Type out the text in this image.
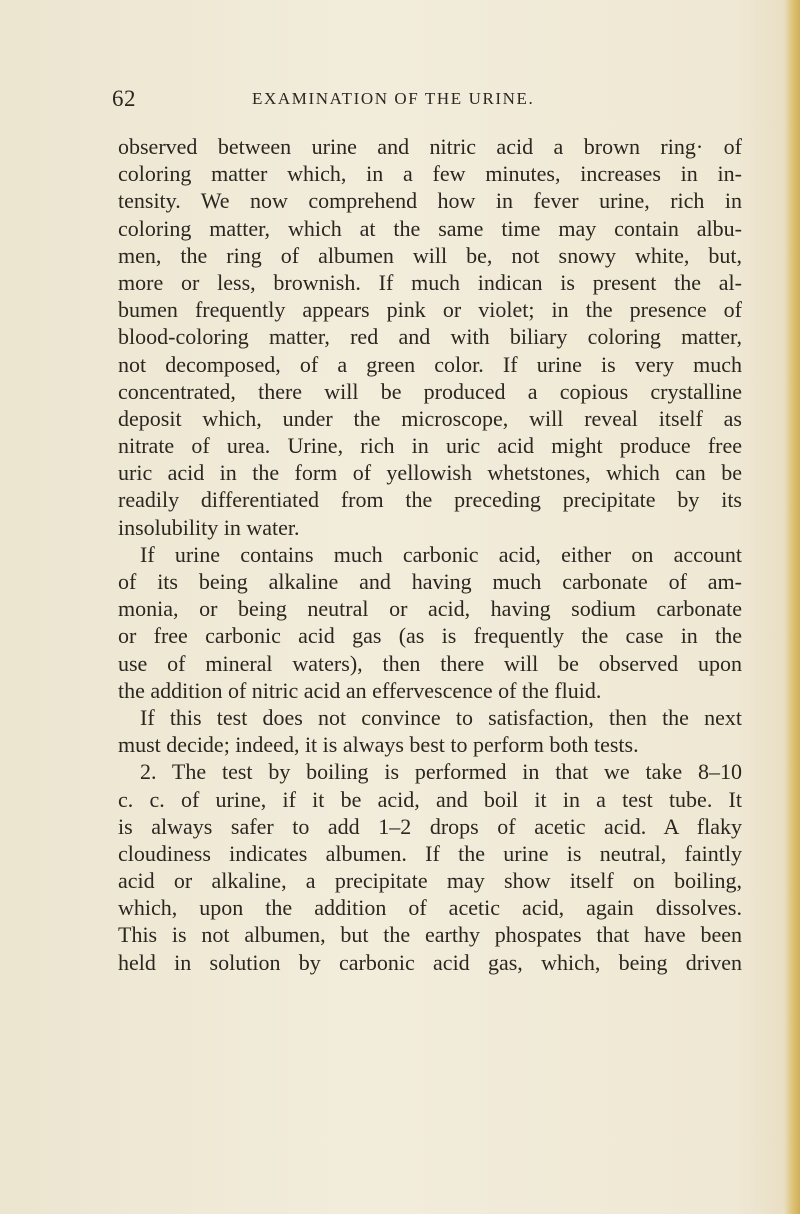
62	EXAMINATION OF THE URINE.
observed between urine and nitric acid a brown ring· of
coloring matter which, in a few minutes, increases in in-
tensity. We now comprehend how in fever urine, rich in
coloring matter, which at the same time may contain albu-
men, the ring of albumen will be, not snowy white, but,
more or less, brownish. If much indican is present the al-
bumen frequently appears pink or violet; in the presence of
blood-coloring matter, red and with biliary coloring matter,
not decomposed, of a green color. If urine is very much
concentrated, there will be produced a copious crystalline
deposit which, under the microscope, will reveal itself as
nitrate of urea. Urine, rich in uric acid might produce free
uric acid in the form of yellowish whetstones, which can be
readily differentiated from the preceding precipitate by its
insolubility in water.
If urine contains much carbonic acid, either on account
of its being alkaline and having much carbonate of am-
monia, or being neutral or acid, having sodium carbonate
or free carbonic acid gas (as is frequently the case in the
use of mineral waters), then there will be observed upon
the addition of nitric acid an effervescence of the fluid.
If this test does not convince to satisfaction, then the next
must decide; indeed, it is always best to perform both tests.
2. The test by boiling is performed in that we take 8–10
c. c. of urine, if it be acid, and boil it in a test tube. It
is always safer to add 1–2 drops of acetic acid. A flaky
cloudiness indicates albumen. If the urine is neutral, faintly
acid or alkaline, a precipitate may show itself on boiling,
which, upon the addition of acetic acid, again dissolves.
This is not albumen, but the earthy phospates that have been
held in solution by carbonic acid gas, which, being driven
